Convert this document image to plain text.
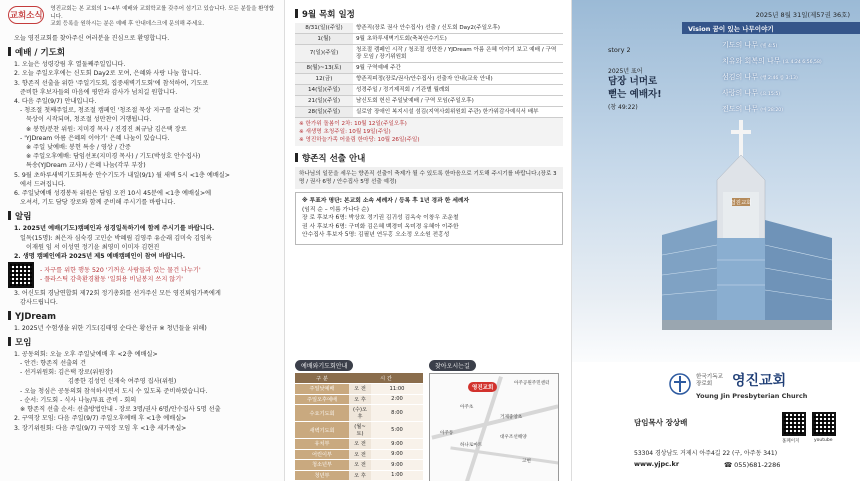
교회소식
영진교회는 본 교회의 1~4부 예배와 교회학교를 갖추어 섬기고 있습니다. 모든 분들을 환영합니다.
교회 등록을 원하시는 분은 예배 후 안내데스크에 문의해 주세요.
오늘 영진교회를 찾아주신 여러분을 진심으로 환영합니다.
예배 / 기도회
1. 오늘은 성령강림 후 열둘째주일입니다.
2. 오늘 주일오후에는 신도회 Day2로 모여, 은혜와 사랑 나눔 합니다.
3. 향존직 선출을 위한 '주일기도회, 집중새벽기도회'에 참석하여, 기도로
준비한 후보자들의 마음에 평안과 감사가 넘치길 원합니다.
4. 다음 주일(9/7) 안내입니다.
- 청조절 첫째주일로, 청조절 캠페인 '청조절 묵상 지구를 살리는 것'
묵상이 시작되며, 청조절 성만찬이 거행됩니다.
※ 봉헌/분찬 위원: 지미경 목사 / 진경진 최규남 김은택 장로
- 'YJDream 아름 은혜의 이야기' 은혜 나눔이 있습니다.
※ 주일 낮예배: 봉헌 특송 / 영상 / 간증
※ 주일오후예배: 담임선포(지미경 목사) / 기도(박성호 안수집사)
특송(YJDream 교사) / 은혜 나눔(각부 부장)
5. 9월 초하루새벽기도회특송 안수기도가 내일(9/1) 월 새벽 5시 <1층 예배실>
에서 드려집니다.
6. 주일낮예배 성경봉독 위원은 담임 오전 10시 45분에 <1층 예배실>에
오셔서, 기도 담당 장로와 함께 준비해 주시기를 바랍니다.
알림
1. 2025년 예배(기도)캠페인과 성경일독하기에 함께 주시기를 바랍니다.
일독(15명): 최은자 심숙경 고민순 박혜림 김영주 유순래 김미숙 김임옥
이재원 임 서 이성연 정기윤 최영미 이미자 김현진
2. 생명 캠페인에과 2025년 제5 예배캠페인이 참여 바랍니다.
- 자구를 위한 행동 520 '기꺼운 사람들과 있는 물건 나누기'
- 플라스틱 감축환경활동 '일회용 비닐봉지 쓰지 않기'
3. 어신도회 경남연합회 제72회 정기총회를 선거주신 모든 영진퇴임가족에게
감사드립니다.
YJDream
1. 2025년 수험생을 위한 기도(김태영 순다은 황선규 ※ 청년들을 위해)
모임
1. 공동의회: 오늘 오후 주일낮예배 후 <2층 예배실>
- 안건: 향존직 선출의 건
- 선거위원회: 김은택 장로(위원장)
김종한 김성인 신재숙 여주영 집사(위원)
- 오늘 청심은 공동의회 참석하시면서 도시 수 있도록 준비하였습니다.
- 순서: 기도회 - 식사 나눔/투표 준비 - 회의
※ 향존직 선출 순서: 선출방법안내 - 장로 3명/권사 6명/안수집사 5명 선출
2. 구역장 모임: 다음 주일(9/7) 주일오후예배 후 <1층 예배실>
3. 장기위원회: 다음 주일(9/7) 구역장 모임 후 <1층 세가족실>
9월 목회 일정
8/31(일)(주일)	향존직(장로 권사 안수집사) 선출 / 신도회 Day2(주일오후)
1(월)	9월 초하루새벽기도회(축복안수기도)
7(일)(주일)	청조절 캠페인 시작 / 청조절 성만찬 / YJDream 아름 은혜 이야기 보고 예배 / 구역장 모임 / 장기위원회
8(월)~13(토)	9월 구역예배 주간
12(금)	향존직피정(장로/권사/안수집사) 선출자 안내(교육 안내)
14(일)(주일)	성경주일 / 정기제직회 / 기관별 월례회
21(일)(주일)	남신도회 헌신 주일낮예배 / 구역 모임(주일오후)
28(일)(주일)	실로암 장애인 복지시설 섬김(지역사회위원회 주관) 한가위감사예식서 배부
※ 한가위 돌봄이 2차: 10월 12일(주일오후)
※ 새생명 초청주일: 10월 19일(주일)
※ 영진하늘가족 어울림 한마당: 10월 26일(주일)
향존직 선출 안내
하나님의 일꾼을 세우는 향존직 선출이 축제가 될 수 있도록 한마음으로 기도해 주시기를 바랍니다.(장로 3명 / 권사 6명 / 안수집사 5명 선출 예정)
※ 투표자 명단: 본교회 소속 세례자 / 등록 후 1년 경과 한 세례자
(임직 순 – 이름 가나다 순)
장 로 후보자 6명: 박상호 정기권 김귀성 김옥숙 이창우 조운철
권 사 후보자 6명: 구미화 김은혜 백경미 옥미경 유혜아 이주한
안수집사 후보자 5명: 김필년 연두홍 오소정 오소원 전홍성
예배와기도회안내
구 분	시 간	
주일낮예배	오 전	11:00
주일오후예배	오 후	2:00
수요기도회	(수)오후	8:00
새벽기도회	(월~토)	5:00
유치부	오 전	9:00
어린이부	오 전	9:00
청소년부	오 전	9:00
청년부	오 후	1:00
찾아오시는길
영진교회
아주공원주민센터
아주초
거제중앙초
아주동
대우조선해양
하나로마트
고현
2025년 8월 31일(제57권 36호)
Vision 꿈이 있는 나무이야기
story 2
2025년 표어
담장 너머로
뻗는 예배자!
(창 49:22)
기도의 나무 (빌 4:5)
치유와 회복의 나무 (요 4:24 6:56,58)
섬김의 나무 (행 2:46 롬 3:13)
사랑의 나무 (요 15:5)
전도의 나무 (마 28:20)
영진교회
한국기독교
장로회	영진교회
Young Jin Presbyterian Church
담임목사 장상배
홈페이지	youtube
53304 경상남도 거제시 아주4길 22 (구, 아주동 341)
www.yjpc.kr	☎ 055)681-2286
